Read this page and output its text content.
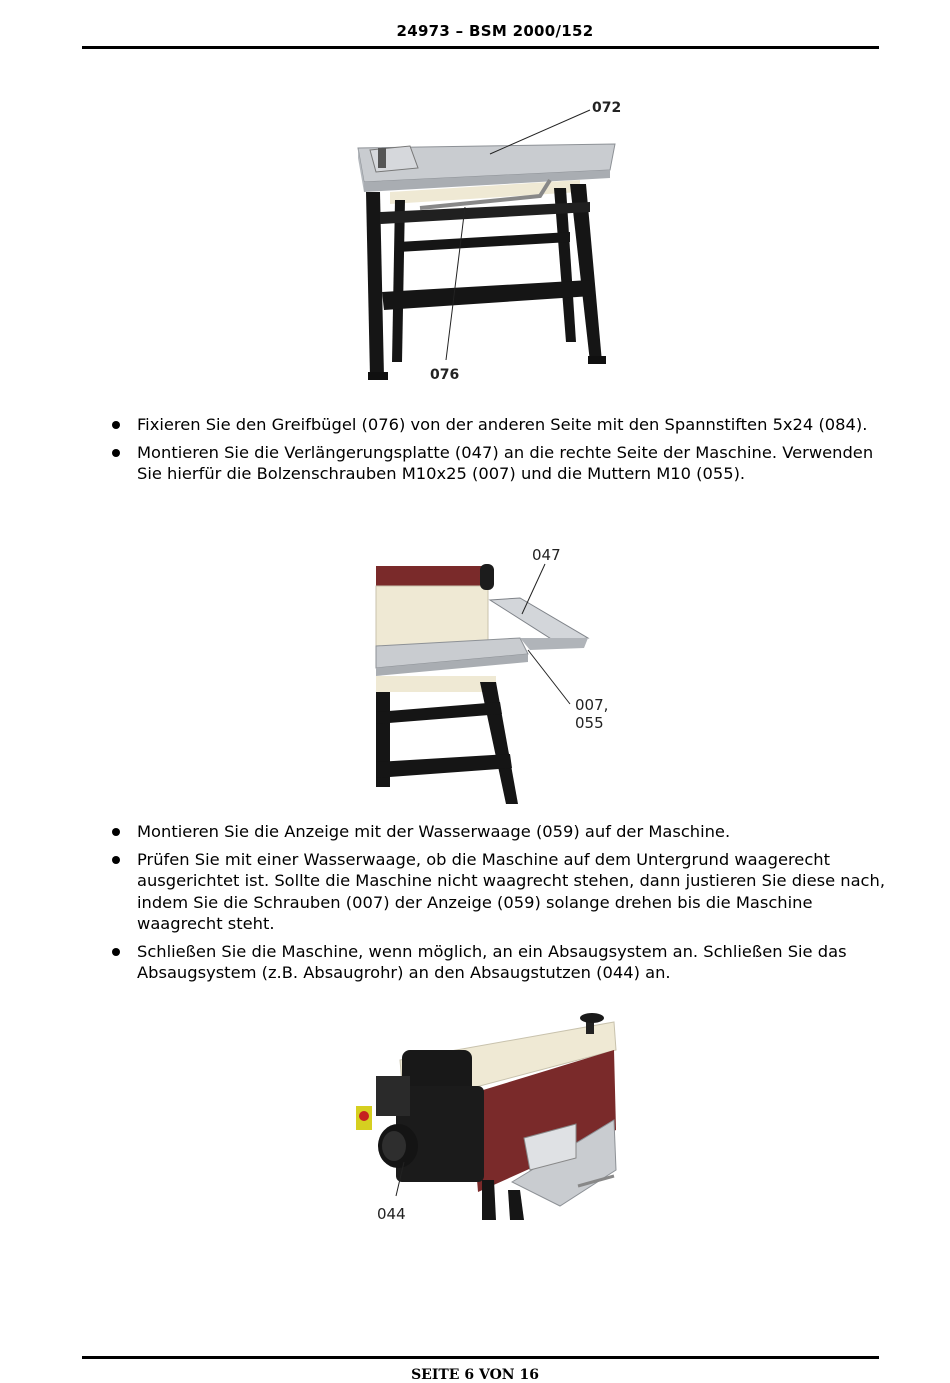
24973 – BSM 2000/152
072
076
Fixieren Sie den Greifbügel (076) von der anderen Seite mit den Spannstiften 5x24 (084).
Montieren Sie die Verlängerungsplatte (047) an die rechte Seite der Maschine. Verwenden Sie hierfür die Bolzenschrauben M10x25 (007) und die Muttern M10 (055).
047
007,
055
Montieren Sie die Anzeige mit der Wasserwaage (059) auf der Maschine.
Prüfen Sie mit einer Wasserwaage, ob die Maschine auf dem Untergrund waagerecht ausgerichtet ist. Sollte die Maschine nicht waagrecht stehen, dann justieren Sie diese nach, indem Sie die Schrauben (007) der Anzeige (059) solange drehen bis die Maschine waagrecht steht.
Schließen Sie die Maschine, wenn möglich, an ein Absaugsystem an. Schließen Sie das Absaugsystem (z.B. Absaugrohr) an den Absaugstutzen (044) an.
044
SEITE 6 VON 16
